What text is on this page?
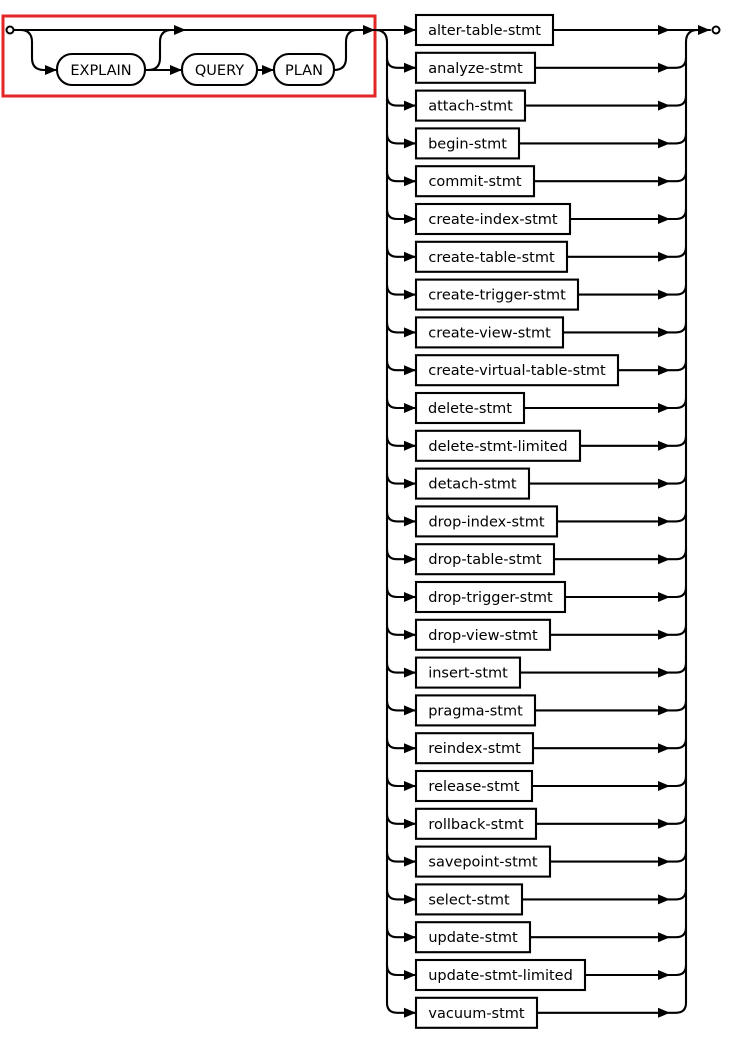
EXPLAIN	QUERY	PLAN
alter-table-stmt
analyze-stmt
attach-stmt
begin-stmt
commit-stmt
create-index-stmt
create-table-stmt
create-trigger-stmt
create-view-stmt
create-virtual-table-stmt
delete-stmt
delete-stmt-limited
detach-stmt
drop-index-stmt
drop-table-stmt
drop-trigger-stmt
drop-view-stmt
insert-stmt
pragma-stmt
reindex-stmt
release-stmt
rollback-stmt
savepoint-stmt
select-stmt
update-stmt
update-stmt-limited
vacuum-stmt
